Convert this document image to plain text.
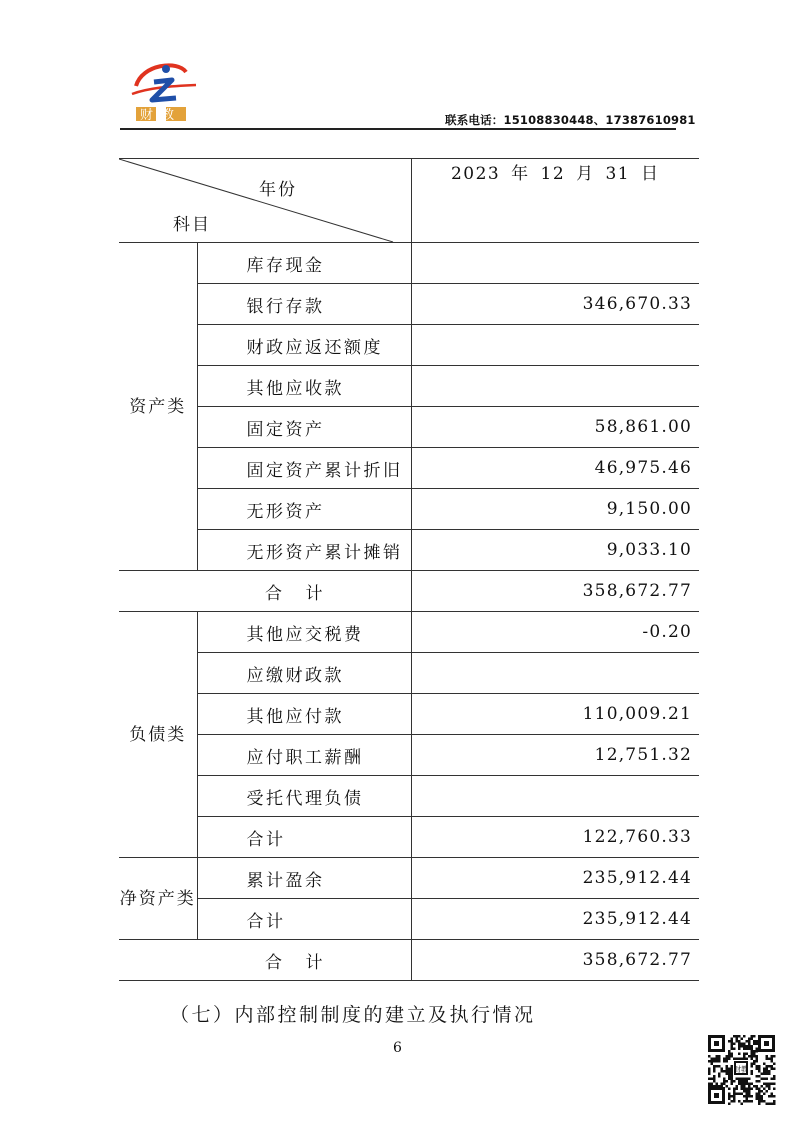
财教	联系电话：15108830448、17387610981
年份
科目		2023 年 12 月 31 日
资产类	库存现金	
	银行存款	346,670.33
	财政应返还额度	
	其他应收款	
	固定资产	58,861.00
	固定资产累计折旧	46,975.46
	无形资产	9,150.00
	无形资产累计摊销	9,033.10
合 计		358,672.77
负债类	其他应交税费	-0.20
	应缴财政款	
	其他应付款	110,009.21
	应付职工薪酬	12,751.32
	受托代理负债	
	合计	122,760.33
净资产类	累计盈余	235,912.44
	合计	235,912.44
合 计		358,672.77
（七）内部控制制度的建立及执行情况
6
财教
